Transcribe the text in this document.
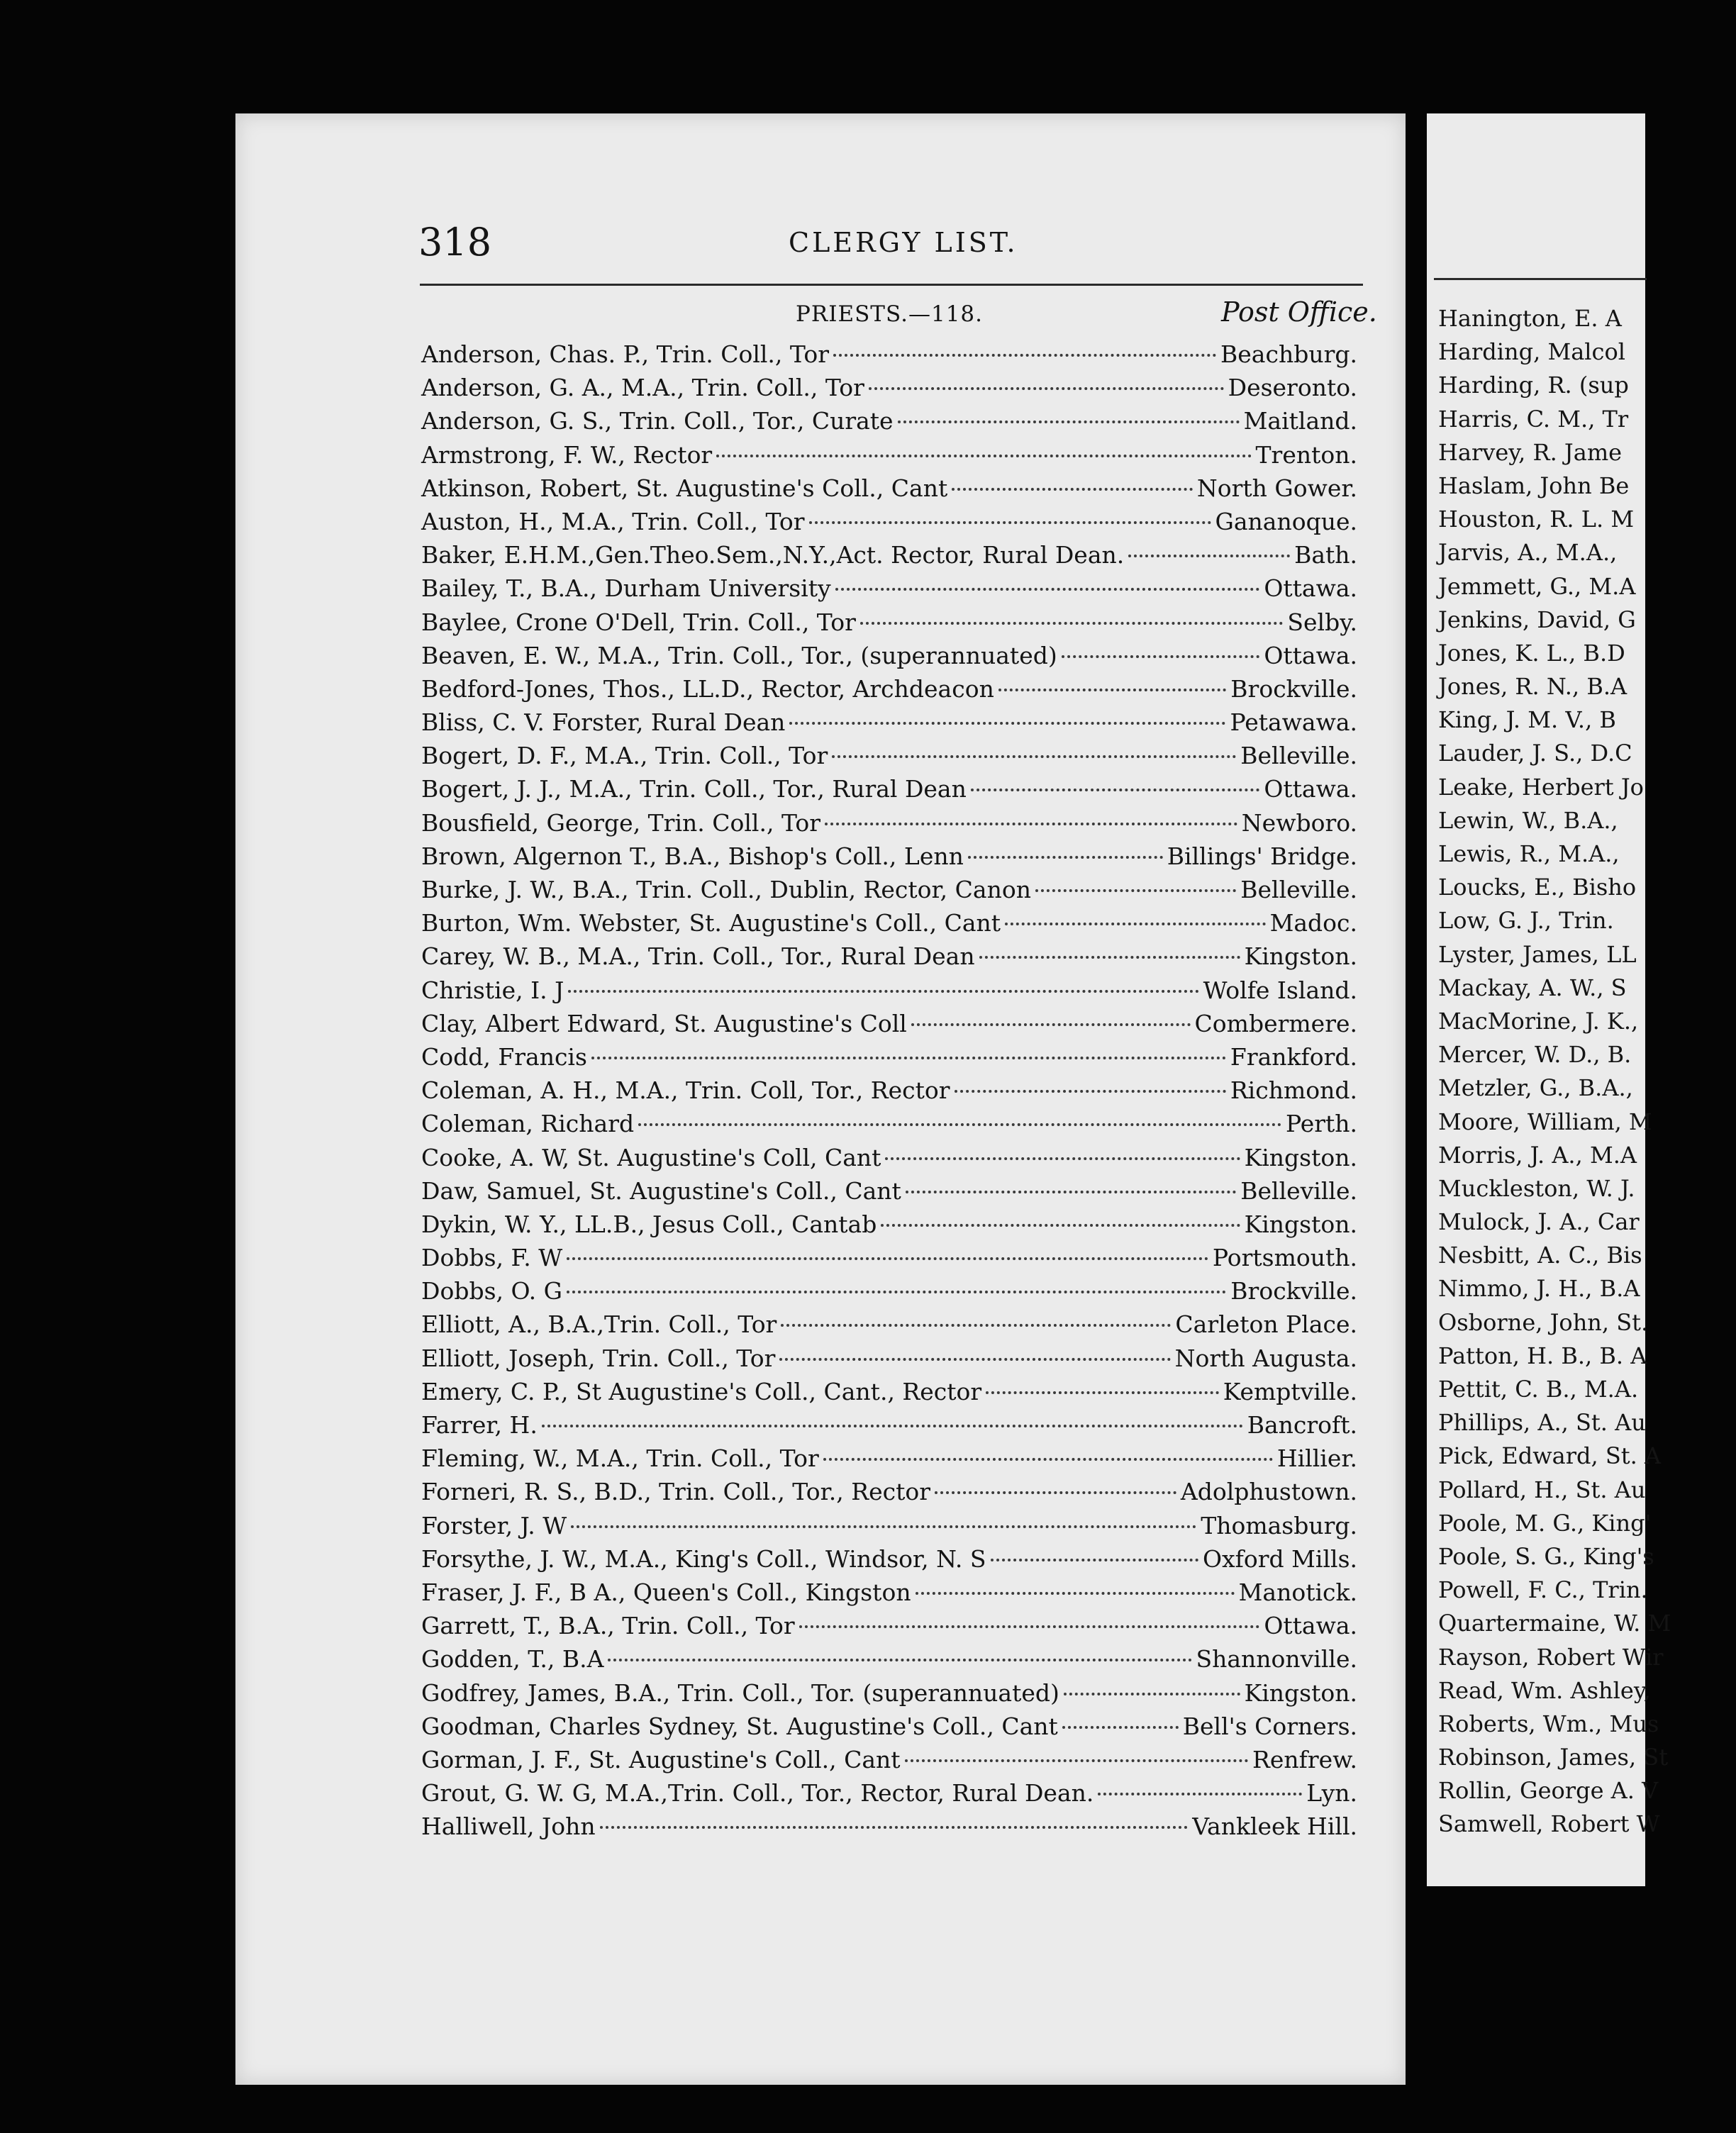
318	CLERGY LIST.
PRIESTS.—118.	Post Office.
Anderson, Chas. P., Trin. Coll., Tor	Beachburg.
Anderson, G. A., M.A., Trin. Coll., Tor	Deseronto.
Anderson, G. S., Trin. Coll., Tor., Curate	Maitland.
Armstrong, F. W., Rector	Trenton.
Atkinson, Robert, St. Augustine's Coll., Cant	North Gower.
Auston, H., M.A., Trin. Coll., Tor	Gananoque.
Baker, E.H.M.,Gen.Theo.Sem.,N.Y.,Act. Rector, Rural Dean.	Bath.
Bailey, T., B.A., Durham University	Ottawa.
Baylee, Crone O'Dell, Trin. Coll., Tor	Selby.
Beaven, E. W., M.A., Trin. Coll., Tor., (superannuated)	Ottawa.
Bedford-Jones, Thos., LL.D., Rector, Archdeacon	Brockville.
Bliss, C. V. Forster, Rural Dean	Petawawa.
Bogert, D. F., M.A., Trin. Coll., Tor	Belleville.
Bogert, J. J., M.A., Trin. Coll., Tor., Rural Dean	Ottawa.
Bousfield, George, Trin. Coll., Tor	Newboro.
Brown, Algernon T., B.A., Bishop's Coll., Lenn	Billings' Bridge.
Burke, J. W., B.A., Trin. Coll., Dublin, Rector, Canon	Belleville.
Burton, Wm. Webster, St. Augustine's Coll., Cant	Madoc.
Carey, W. B., M.A., Trin. Coll., Tor., Rural Dean	Kingston.
Christie, I. J	Wolfe Island.
Clay, Albert Edward, St. Augustine's Coll	Combermere.
Codd, Francis	Frankford.
Coleman, A. H., M.A., Trin. Coll, Tor., Rector	Richmond.
Coleman, Richard	Perth.
Cooke, A. W, St. Augustine's Coll, Cant	Kingston.
Daw, Samuel, St. Augustine's Coll., Cant	Belleville.
Dykin, W. Y., LL.B., Jesus Coll., Cantab	Kingston.
Dobbs, F. W	Portsmouth.
Dobbs, O. G	Brockville.
Elliott, A., B.A.,Trin. Coll., Tor	Carleton Place.
Elliott, Joseph, Trin. Coll., Tor	North Augusta.
Emery, C. P., St Augustine's Coll., Cant., Rector	Kemptville.
Farrer, H.	Bancroft.
Fleming, W., M.A., Trin. Coll., Tor	Hillier.
Forneri, R. S., B.D., Trin. Coll., Tor., Rector	Adolphustown.
Forster, J. W	Thomasburg.
Forsythe, J. W., M.A., King's Coll., Windsor, N. S	Oxford Mills.
Fraser, J. F., B A., Queen's Coll., Kingston	Manotick.
Garrett, T., B.A., Trin. Coll., Tor	Ottawa.
Godden, T., B.A	Shannonville.
Godfrey, James, B.A., Trin. Coll., Tor. (superannuated)	Kingston.
Goodman, Charles Sydney, St. Augustine's Coll., Cant	Bell's Corners.
Gorman, J. F., St. Augustine's Coll., Cant	Renfrew.
Grout, G. W. G, M.A.,Trin. Coll., Tor., Rector, Rural Dean.	Lyn.
Halliwell, John	Vankleek Hill.
Hanington, E. A
Harding, Malcol
Harding, R. (sup
Harris, C. M., Tr
Harvey, R. Jame
Haslam, John Be
Houston, R. L. M
Jarvis, A., M.A.,
Jemmett, G., M.A
Jenkins, David, G
Jones, K. L., B.D
Jones, R. N., B.A
King, J. M. V., B
Lauder, J. S., D.C
Leake, Herbert Jo
Lewin, W., B.A.,
Lewis, R., M.A.,
Loucks, E., Bisho
Low, G. J., Trin.
Lyster, James, LL
Mackay, A. W., S
MacMorine, J. K.,
Mercer, W. D., B.
Metzler, G., B.A.,
Moore, William, M
Morris, J. A., M.A
Muckleston, W. J.
Mulock, J. A., Car
Nesbitt, A. C., Bis
Nimmo, J. H., B.A
Osborne, John, St.
Patton, H. B., B. A
Pettit, C. B., M.A.
Phillips, A., St. Au
Pick, Edward, St. A
Pollard, H., St. Au
Poole, M. G., King'
Poole, S. G., King's
Powell, F. C., Trin.
Quartermaine, W. M
Rayson, Robert Wir
Read, Wm. Ashley,
Roberts, Wm., Mus
Robinson, James, St
Rollin, George A. V
Samwell, Robert W
